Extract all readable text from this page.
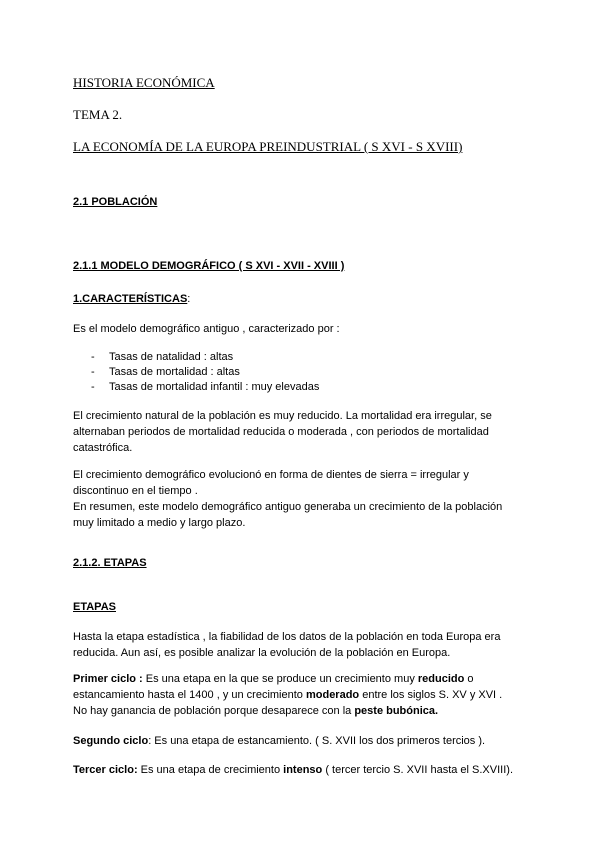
HISTORIA ECONÓMICA
TEMA 2.
LA ECONOMÍA DE LA EUROPA PREINDUSTRIAL ( S XVI - S XVIII)
2.1 POBLACIÓN
2.1.1 MODELO DEMOGRÁFICO ( S XVI - XVII - XVIII )
1.CARACTERÍSTICAS:
Es el modelo demográfico antiguo , caracterizado por :
- Tasas de natalidad : altas
- Tasas de mortalidad : altas
- Tasas de mortalidad infantil : muy elevadas
El crecimiento natural de la población es muy reducido. La mortalidad era irregular, se
alternaban periodos de mortalidad reducida o moderada , con periodos de mortalidad
catastrófica.
El crecimiento demográfico evolucionó en forma de dientes de sierra = irregular y
discontinuo en el tiempo .
En resumen, este modelo demográfico antiguo generaba un crecimiento de la población
muy limitado a medio y largo plazo.
2.1.2. ETAPAS
ETAPAS
Hasta la etapa estadística , la fiabilidad de los datos de la población en toda Europa era
reducida. Aun así, es posible analizar la evolución de la población en Europa.
Primer ciclo : Es una etapa en la que se produce un crecimiento muy reducido o
estancamiento hasta el 1400 , y un crecimiento moderado entre los siglos S. XV y XVI .
No hay ganancia de población porque desaparece con la peste bubónica.
Segundo ciclo: Es una etapa de estancamiento. ( S. XVII los dos primeros tercios ).
Tercer ciclo: Es una etapa de crecimiento intenso ( tercer tercio S. XVII hasta el S.XVIII).
